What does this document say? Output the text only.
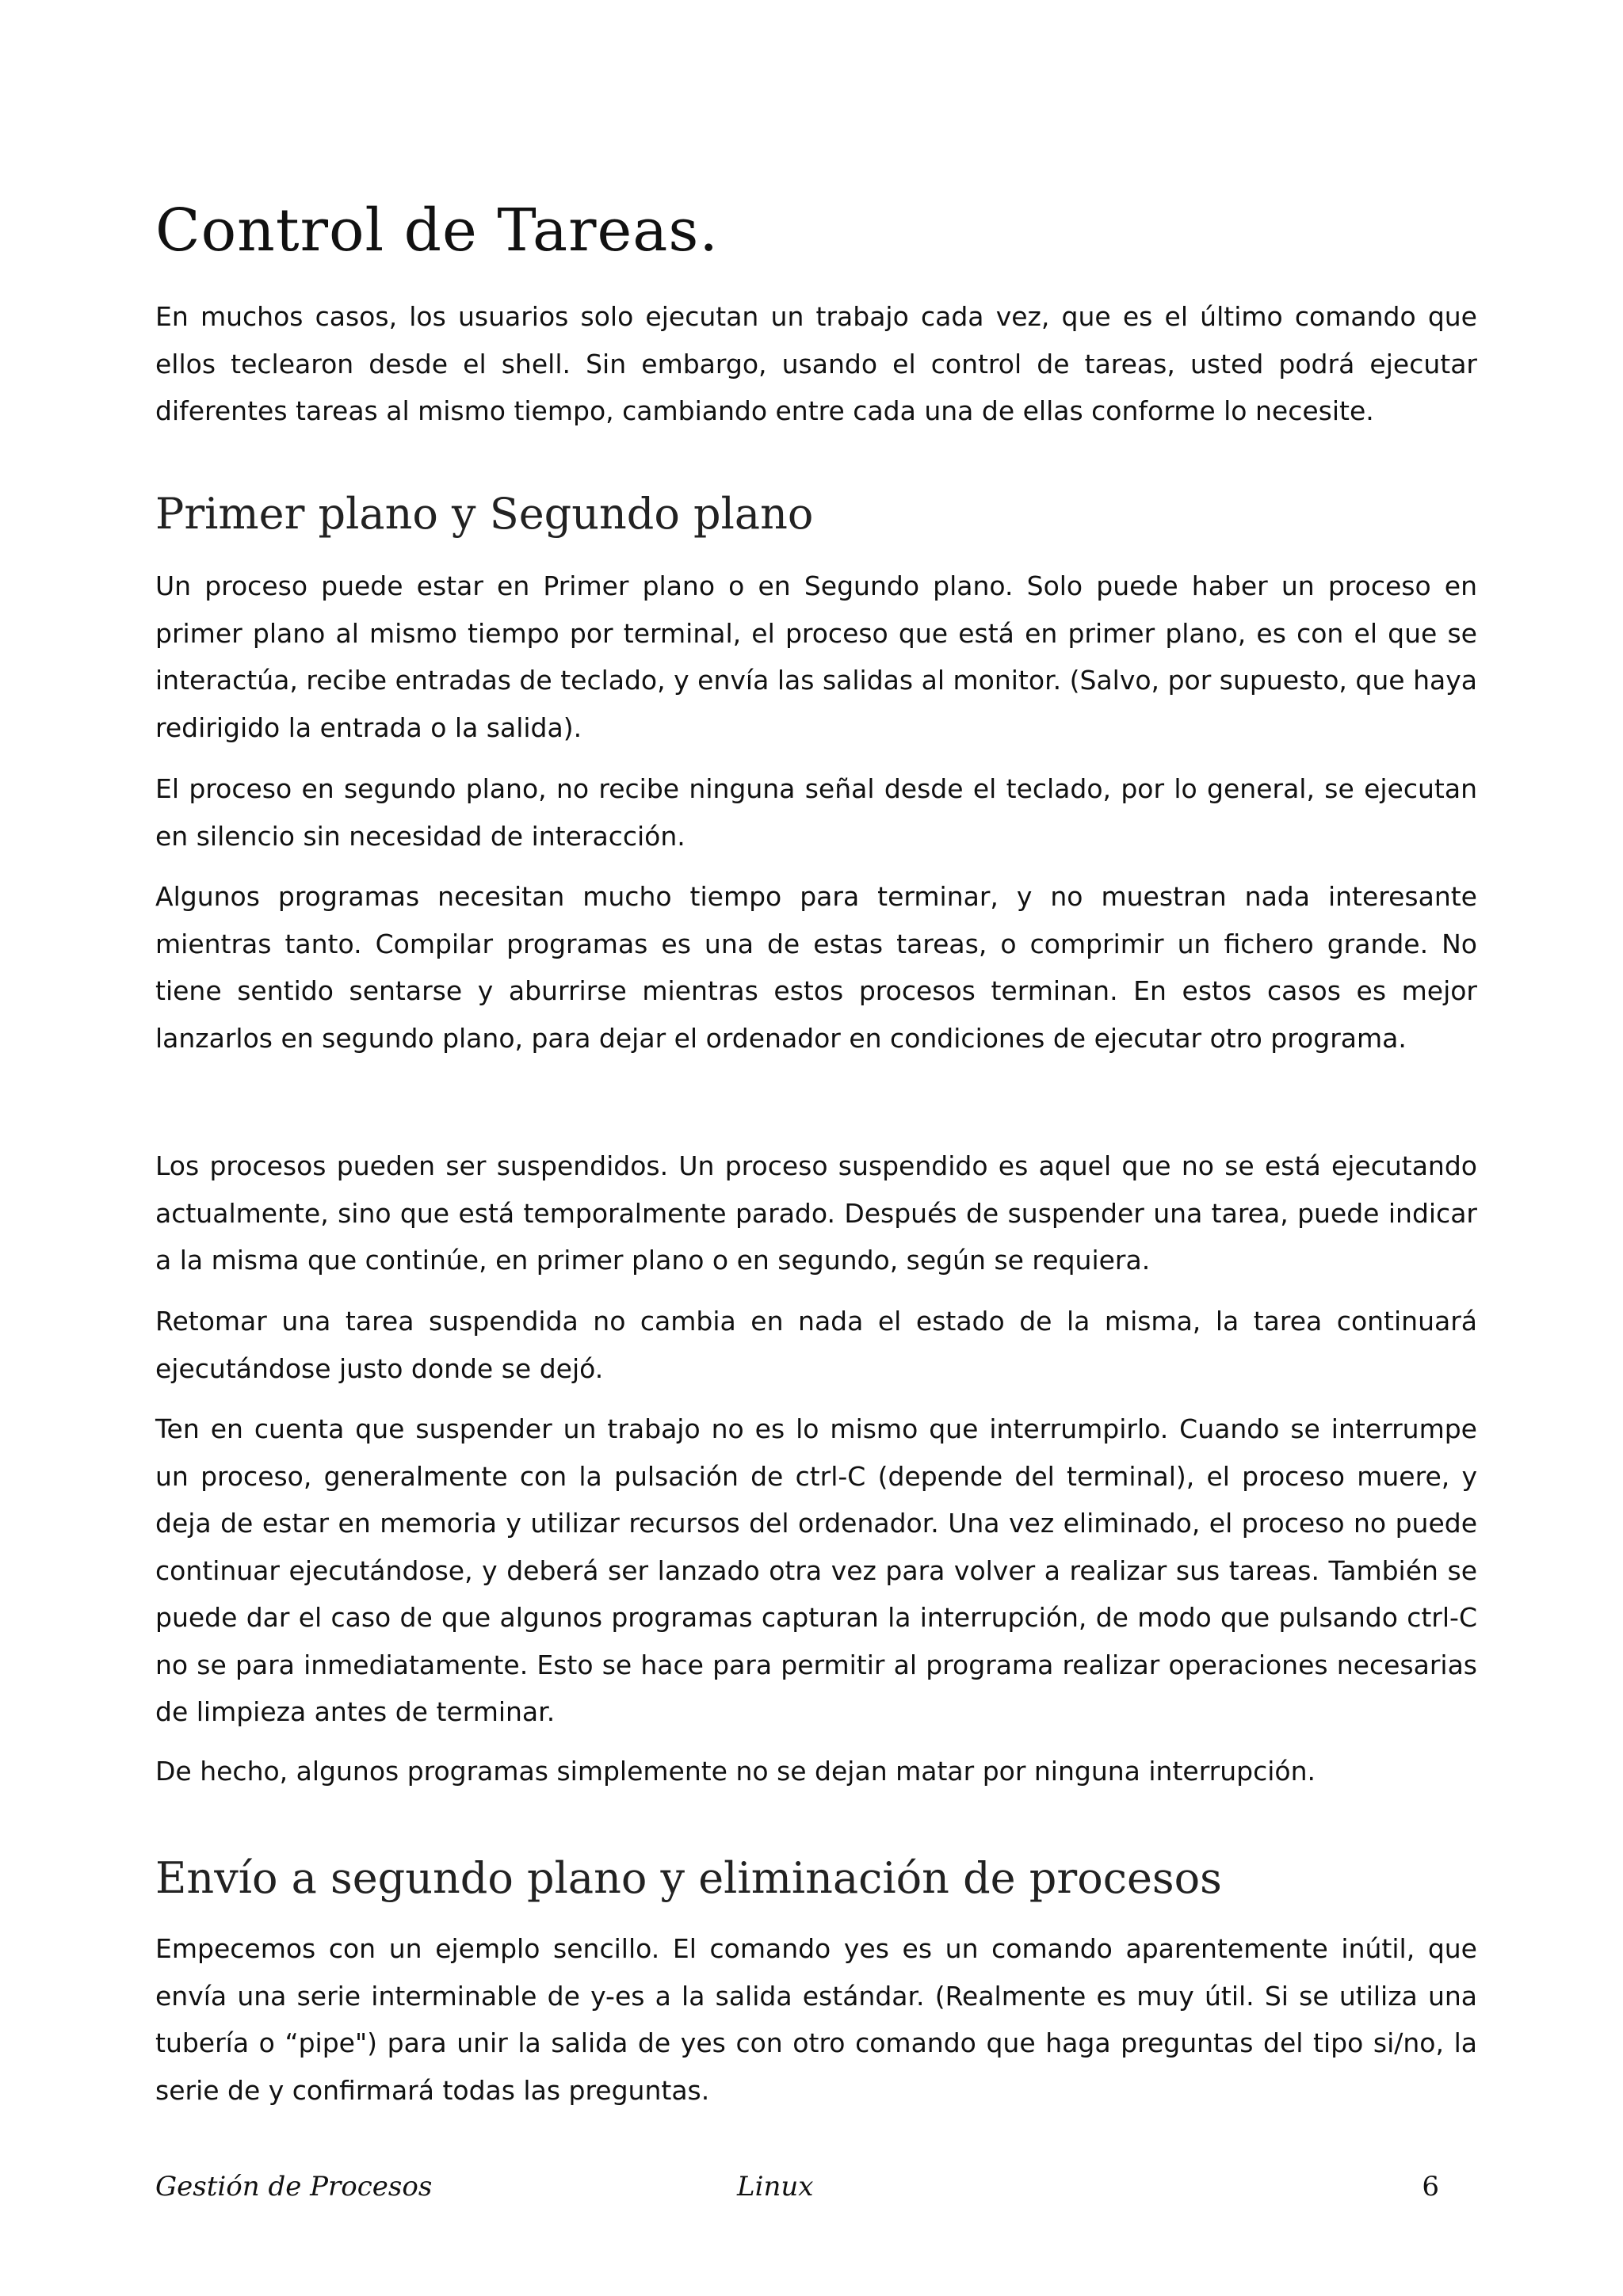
Control de Tareas.

En muchos casos, los usuarios solo ejecutan un trabajo cada vez, que es el último comando que ellos teclearon desde el shell. Sin embargo, usando el control de tareas, usted podrá ejecutar diferentes tareas al mismo tiempo, cambiando entre cada una de ellas conforme lo necesite.

Primer plano y Segundo plano

Un proceso puede estar en Primer plano o en Segundo plano. Solo puede haber un proceso en primer plano al mismo tiempo por terminal, el proceso que está en primer plano, es con el que se interactúa, recibe entradas de teclado, y envía las salidas al monitor. (Salvo, por supuesto, que haya redirigido la entrada o la salida).

El proceso en segundo plano, no recibe ninguna señal desde el teclado, por lo general, se ejecutan en silencio sin necesidad de interacción.

Algunos programas necesitan mucho tiempo para terminar, y no muestran nada interesante mientras tanto. Compilar programas es una de estas tareas, o comprimir un fichero grande. No tiene sentido sentarse y aburrirse mientras estos procesos terminan. En estos casos es mejor lanzarlos en segundo plano, para dejar el ordenador en condiciones de ejecutar otro programa.

Los procesos pueden ser suspendidos. Un proceso suspendido es aquel que no se está ejecutando actualmente, sino que está temporalmente parado. Después de suspender una tarea, puede indicar a la misma que continúe, en primer plano o en segundo, según se requiera.

Retomar una tarea suspendida no cambia en nada el estado de la misma, la tarea continuará ejecutándose justo donde se dejó.

Ten en cuenta que suspender un trabajo no es lo mismo que interrumpirlo. Cuando se interrumpe un proceso, generalmente con la pulsación de ctrl-C (depende del terminal), el proceso muere, y deja de estar en memoria y utilizar recursos del ordenador. Una vez eliminado, el proceso no puede continuar ejecutándose, y deberá ser lanzado otra vez para volver a realizar sus tareas. También se puede dar el caso de que algunos programas capturan la interrupción, de modo que pulsando ctrl-C no se para inmediatamente. Esto se hace para permitir al programa realizar operaciones necesarias de limpieza antes de terminar.

De hecho, algunos programas simplemente no se dejan matar por ninguna interrupción.

Envío a segundo plano y eliminación de procesos

Empecemos con un ejemplo sencillo. El comando yes es un comando aparentemente inútil, que envía una serie interminable de y-es a la salida estándar. (Realmente es muy útil. Si se utiliza una tubería o “pipe") para unir la salida de yes con otro comando que haga preguntas del tipo si/no, la serie de y confirmará todas las preguntas.

Gestión de Procesos	Linux	6
